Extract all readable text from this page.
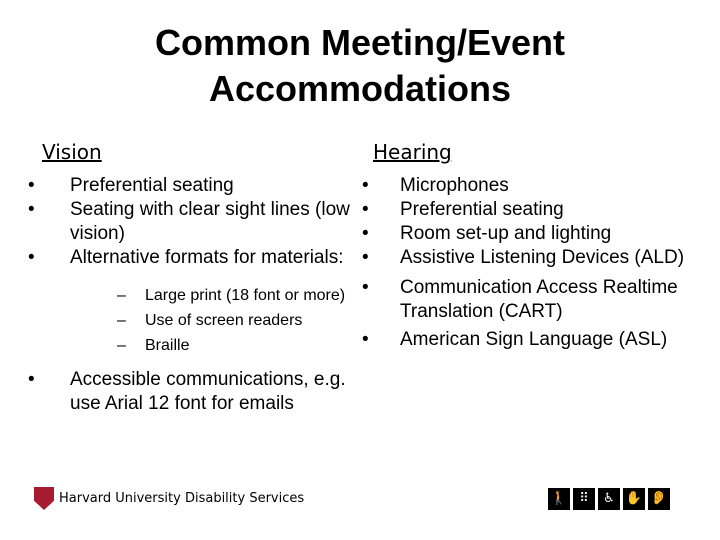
Common Meeting/Event Accommodations
Vision	Hearing
• Preferential seating
• Seating with clear sight lines (low vision)
• Alternative formats for materials:
– Large print (18 font or more)
– Use of screen readers
– Braille
• Accessible communications, e.g. use Arial 12 font for emails
• Microphones
• Preferential seating
• Room set-up and lighting
• Assistive Listening Devices (ALD)
• Communication Access Realtime Translation (CART)
• American Sign Language (ASL)
Harvard University Disability Services	🚶 ⠿	♿ ✋ 👂
